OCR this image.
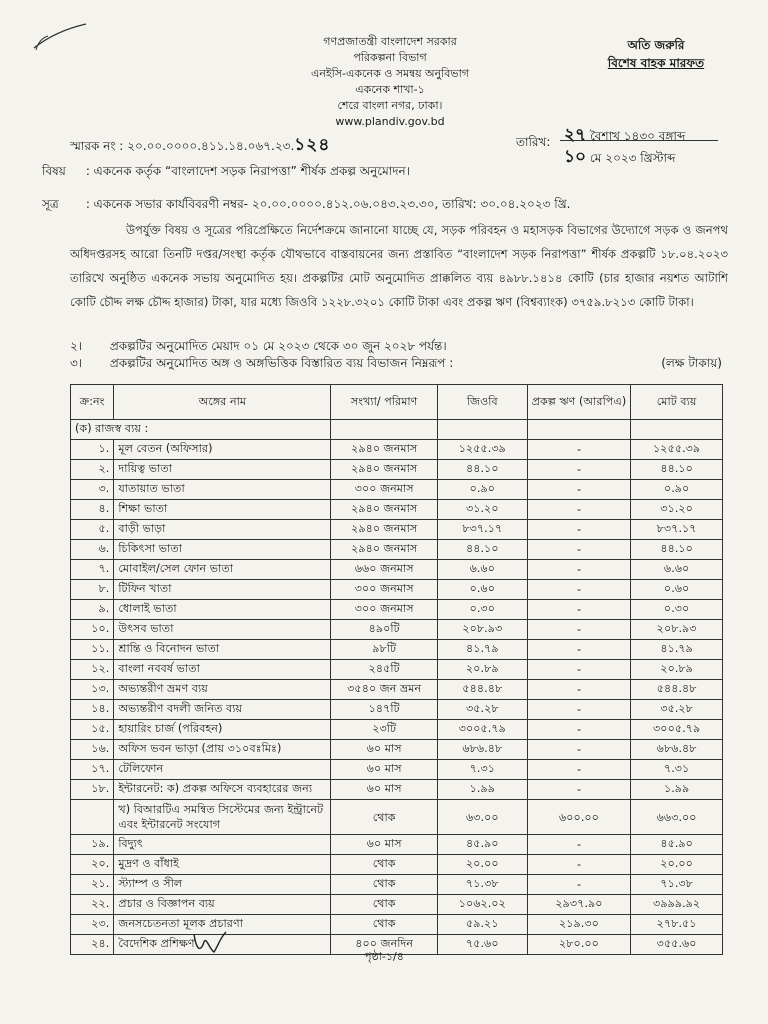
গণপ্রজাতন্ত্রী বাংলাদেশ সরকার
পরিকল্পনা বিভাগ
এনইসি-একনেক ও সমন্বয় অনুবিভাগ
একনেক শাখা-১
শেরে বাংলা নগর, ঢাকা।
www.plandiv.gov.bd
অতি জরুরি
বিশেষ বাহক মারফত
স্মারক নং : ২০.০০.০০০০.৪১১.১৪.০৬৭.২৩.১২৪	তারিখ: ২৭ বৈশাখ ১৪৩০ বঙ্গাব্দ
১০ মে ২০২৩ খ্রিস্টাব্দ
বিষয় : একনেক কর্তৃক “বাংলাদেশ সড়ক নিরাপত্তা” শীর্ষক প্রকল্প অনুমোদন।
সূত্র : একনেক সভার কার্যবিবরণী নম্বর- ২০.০০.০০০০.৪১২.০৬.০৪৩.২৩.৩০, তারিখ: ৩০.০৪.২০২৩ খ্রি.
উপর্যুক্ত বিষয় ও সূত্রের পরিপ্রেক্ষিতে নির্দেশক্রমে জানানো যাচ্ছে যে, সড়ক পরিবহন ও মহাসড়ক বিভাগের উদ্যোগে সড়ক ও জনপথ অধিদপ্তরসহ আরো তিনটি দপ্তর/সংস্থা কর্তৃক যৌথভাবে বাস্তবায়নের জন্য প্রস্তাবিত “বাংলাদেশ সড়ক নিরাপত্তা” শীর্ষক প্রকল্পটি ১৮.০৪.২০২৩ তারিখে অনুষ্ঠিত একনেক সভায় অনুমোদিত হয়। প্রকল্পটির মোট অনুমোদিত প্রাক্কলিত ব্যয় ৪৯৮৮.১৪১৪ কোটি (চার হাজার নয়শত আটাশি কোটি চৌদ্দ লক্ষ চৌদ্দ হাজার) টাকা, যার মধ্যে জিওবি ১২২৮.৩২০১ কোটি টাকা এবং প্রকল্প ঋণ (বিশ্বব্যাংক) ৩৭৫৯.৮২১৩ কোটি টাকা।
২। প্রকল্পটির অনুমোদিত মেয়াদ ০১ মে ২০২৩ থেকে ৩০ জুন ২০২৮ পর্যন্ত।
৩। প্রকল্পটির অনুমোদিত অঙ্গ ও অঙ্গভিত্তিক বিস্তারিত ব্যয় বিভাজন নিম্নরূপ :	(লক্ষ টাকায়)
ক্র:নং	অঙ্গের নাম	সংখ্যা/ পরিমাণ	জিওবি	প্রকল্প ঋণ (আরপিএ)	মোট ব্যয়
(ক) রাজস্ব ব্যয় :					
১.	মূল বেতন (অফিসার)	২৯৪০ জনমাস	১২৫৫.৩৯	-	১২৫৫.৩৯
২.	দায়িত্ব ভাতা	২৯৪০ জনমাস	৪৪.১০	-	৪৪.১০
৩.	যাতায়াত ভাতা	৩০০ জনমাস	০.৯০	-	০.৯০
৪.	শিক্ষা ভাতা	২৯৪০ জনমাস	৩১.২০	-	৩১.২০
৫.	বাড়ী ভাড়া	২৯৪০ জনমাস	৮৩৭.১৭	-	৮৩৭.১৭
৬.	চিকিৎসা ভাতা	২৯৪০ জনমাস	৪৪.১০	-	৪৪.১০
৭.	মোবাইল/সেল ফোন ভাতা	৬৬০ জনমাস	৬.৬০	-	৬.৬০
৮.	টিফিন খাতা	৩০০ জনমাস	০.৬০	-	০.৬০
৯.	ধোলাই ভাতা	৩০০ জনমাস	০.৩০	-	০.৩০
১০.	উৎসব ভাতা	৪৯০টি	২০৮.৯৩	-	২০৮.৯৩
১১.	শ্রান্তি ও বিনোদন ভাতা	৯৮টি	৪১.৭৯	-	৪১.৭৯
১২.	বাংলা নববর্ষ ভাতা	২৪৫টি	২০.৮৯	-	২০.৮৯
১৩.	অভ্যন্তরীণ ভ্রমণ ব্যয়	৩৫৪০ জন ভ্রমন	৫৪৪.৪৮	-	৫৪৪.৪৮
১৪.	অভ্যন্তরীণ বদলী জনিত ব্যয়	১৪৭টি	৩৫.২৮	-	৩৫.২৮
১৫.	হায়ারিং চার্জ (পরিবহন)	২৩টি	৩০০৫.৭৯	-	৩০০৫.৭৯
১৬.	অফিস ভবন ভাড়া (প্রায় ৩১০বঃমিঃ)	৬০ মাস	৬৮৬.৪৮	-	৬৮৬.৪৮
১৭.	টেলিফোন	৬০ মাস	৭.৩১	-	৭.৩১
১৮.	ইন্টারনেট: ক) প্রকল্প অফিসে ব্যবহারের জন্য	৬০ মাস	১.৯৯	-	১.৯৯
	খ) বিআরটিএ সমন্বিত সিস্টেমের জন্য ইন্ট্রানেট এবং ইন্টারনেট সংযোগ	থোক	৬৩.০০	৬০০.০০	৬৬৩.০০
১৯.	বিদ্যুৎ	৬০ মাস	৪৫.৯০	-	৪৫.৯০
২০.	মুদ্রণ ও বাঁধাই	থোক	২০.০০	-	২০.০০
২১.	স্ট্যাম্প ও সীল	থোক	৭১.৩৮	-	৭১.৩৮
২২.	প্রচার ও বিজ্ঞাপন ব্যয়	থোক	১০৬২.০২	২৯৩৭.৯০	৩৯৯৯.৯২
২৩.	জনসচেতনতা মূলক প্রচারণা	থোক	৫৯.২১	২১৯.৩০	২৭৮.৫১
২৪.	বৈদেশিক প্রশিক্ষণ	৪০০ জনদিন	৭৫.৬০	২৮০.০০	৩৫৫.৬০
পৃষ্ঠা-১/৪
